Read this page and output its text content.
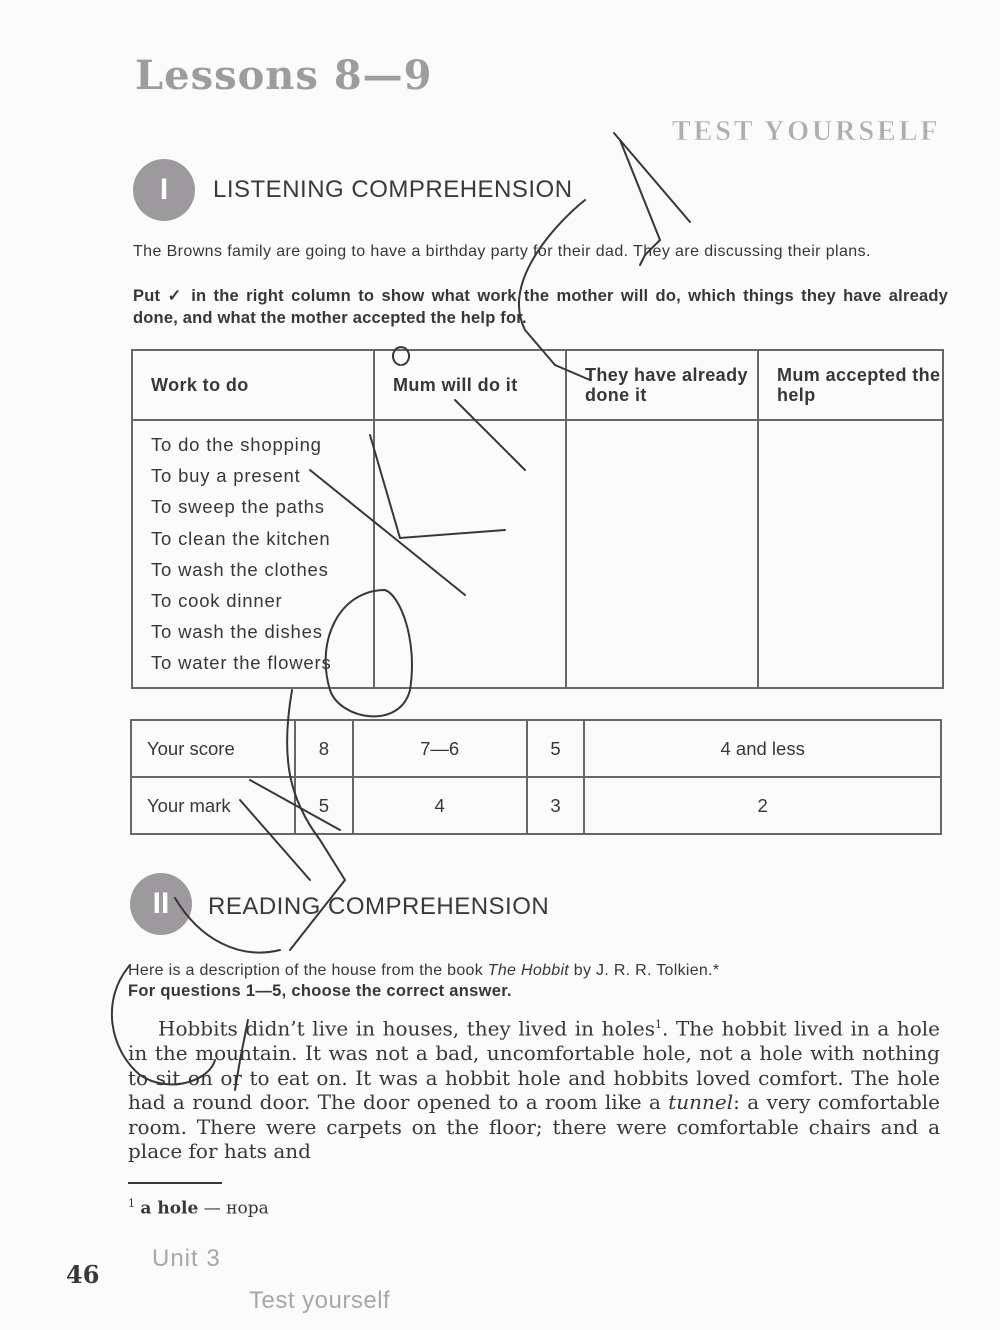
Lessons 8—9
TEST YOURSELF
I	LISTENING COMPREHENSION
The Browns family are going to have a birthday party for their dad. They are discussing their plans.
Put ✓ in the right column to show what work the mother will do, which things they have already done, and what the mother accepted the help for.
Work to do	Mum will do it	They have already done it	Mum accepted the help

To do the shopping
To buy a present
To sweep the paths
To clean the kitchen
To wash the clothes
To cook dinner
To wash the dishes
To water the flowers

Your score	8	7—6	5	4 and less
Your mark	5	4	3	2
II	READING COMPREHENSION
Here is a description of the house from the book The Hobbit by J. R. R. Tolkien.*
For questions 1—5, choose the correct answer.

Hobbits didn’t live in houses, they lived in holes$^1$. The hobbit lived in a hole in the mountain. It was not a bad, uncomfortable hole, not a hole with nothing to sit on or to eat on. It was a hobbit hole and hobbits loved comfort. The hole had a round door. The door opened to a room like a tunnel: a very comfortable room. There were carpets on the floor; there were comfortable chairs and a place for hats and

$^1$ a hole — нора
46
Unit 3
Test yourself
